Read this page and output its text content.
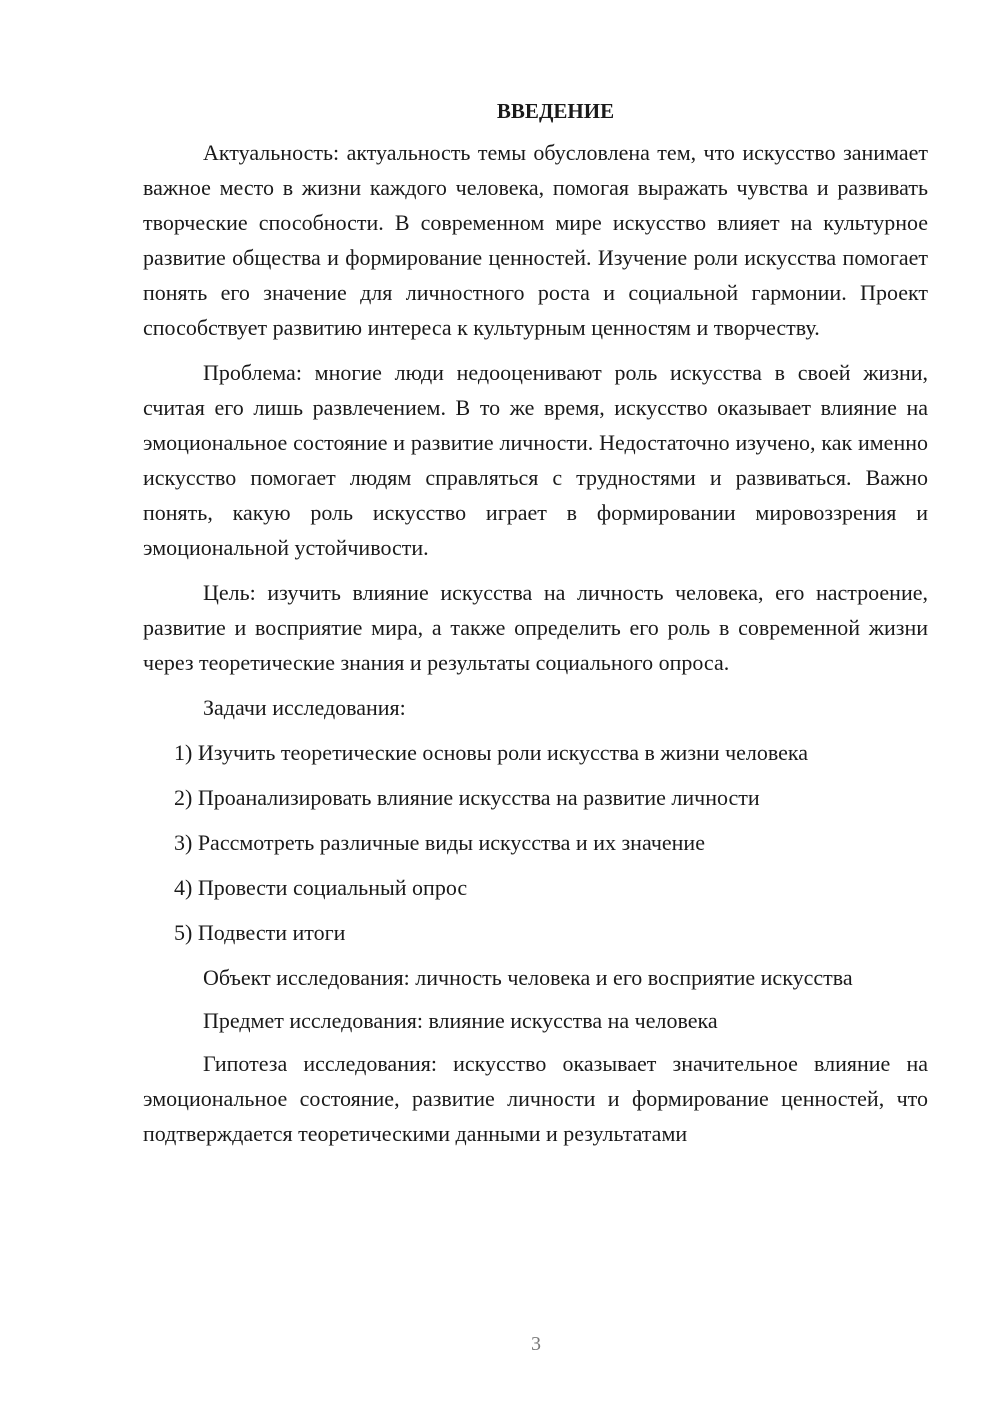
ВВЕДЕНИЕ

Актуальность: актуальность темы обусловлена тем, что искусство занимает важное место в жизни каждого человека, помогая выражать чувства и развивать творческие способности. В современном мире искусство влияет на культурное развитие общества и формирование ценностей. Изучение роли искусства помогает понять его значение для личностного роста и социальной гармонии. Проект способствует развитию интереса к культурным ценностям и творчеству.

Проблема: многие люди недооценивают роль искусства в своей жизни, считая его лишь развлечением. В то же время, искусство оказывает влияние на эмоциональное состояние и развитие личности. Недостаточно изучено, как именно искусство помогает людям справляться с трудностями и развиваться. Важно понять, какую роль искусство играет в формировании мировоззрения и эмоциональной устойчивости.

Цель: изучить влияние искусства на личность человека, его настроение, развитие и восприятие мира, а также определить его роль в современной жизни через теоретические знания и результаты социального опроса.

Задачи исследования:

1) Изучить теоретические основы роли искусства в жизни человека
2) Проанализировать влияние искусства на развитие личности
3) Рассмотреть различные виды искусства и их значение
4) Провести социальный опрос
5) Подвести итоги

Объект исследования: личность человека и его восприятие искусства

Предмет исследования: влияние искусства на человека

Гипотеза исследования: искусство оказывает значительное влияние на эмоциональное состояние, развитие личности и формирование ценностей, что подтверждается теоретическими данными и результатами

3
